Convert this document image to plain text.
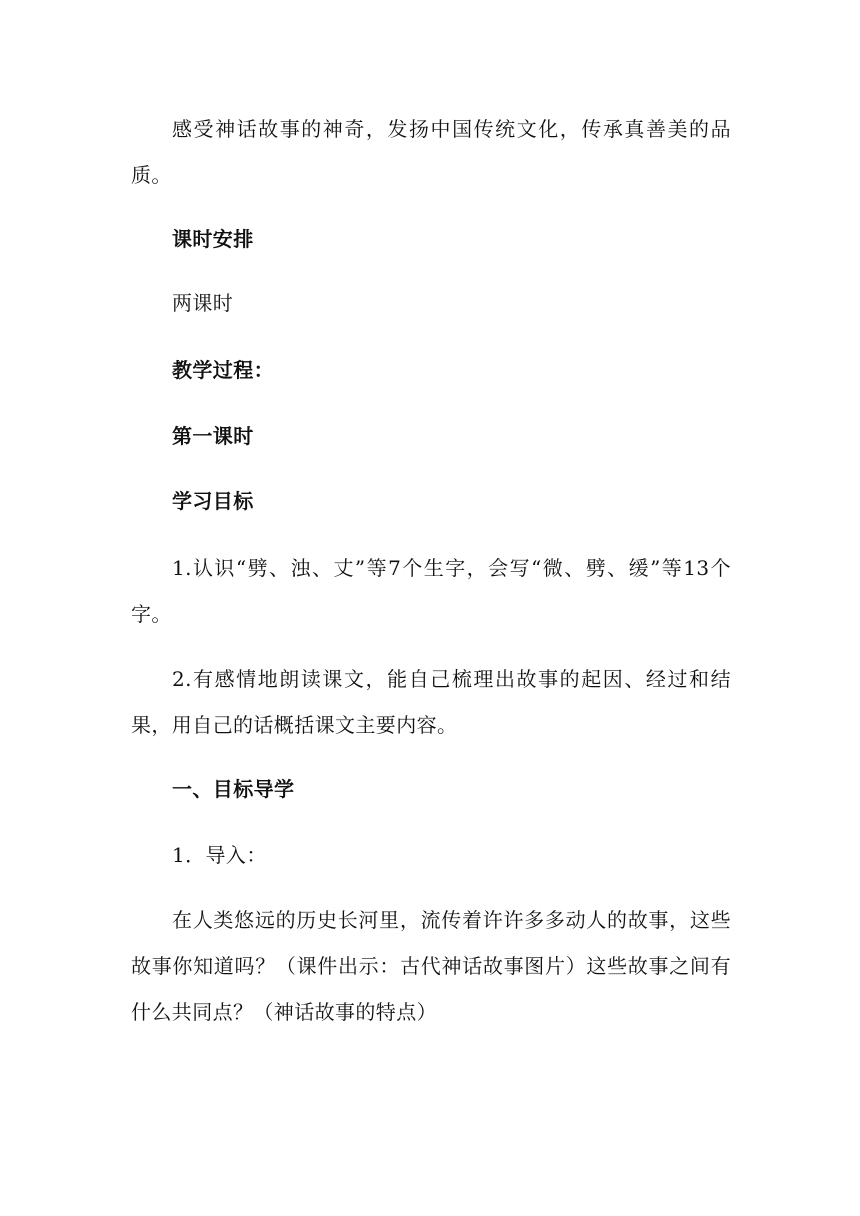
感受神话故事的神奇，发扬中国传统文化，传承真善美的品质。

课时安排

两课时

教学过程：

第一课时

学习目标

1.认识“劈、浊、丈”等7个生字，会写“微、劈、缓”等13个字。

2.有感情地朗读课文，能自己梳理出故事的起因、经过和结果，用自己的话概括课文主要内容。

一、目标导学

1．导入：

在人类悠远的历史长河里，流传着许许多多动人的故事，这些故事你知道吗？（课件出示：古代神话故事图片）这些故事之间有什么共同点？（神话故事的特点）
